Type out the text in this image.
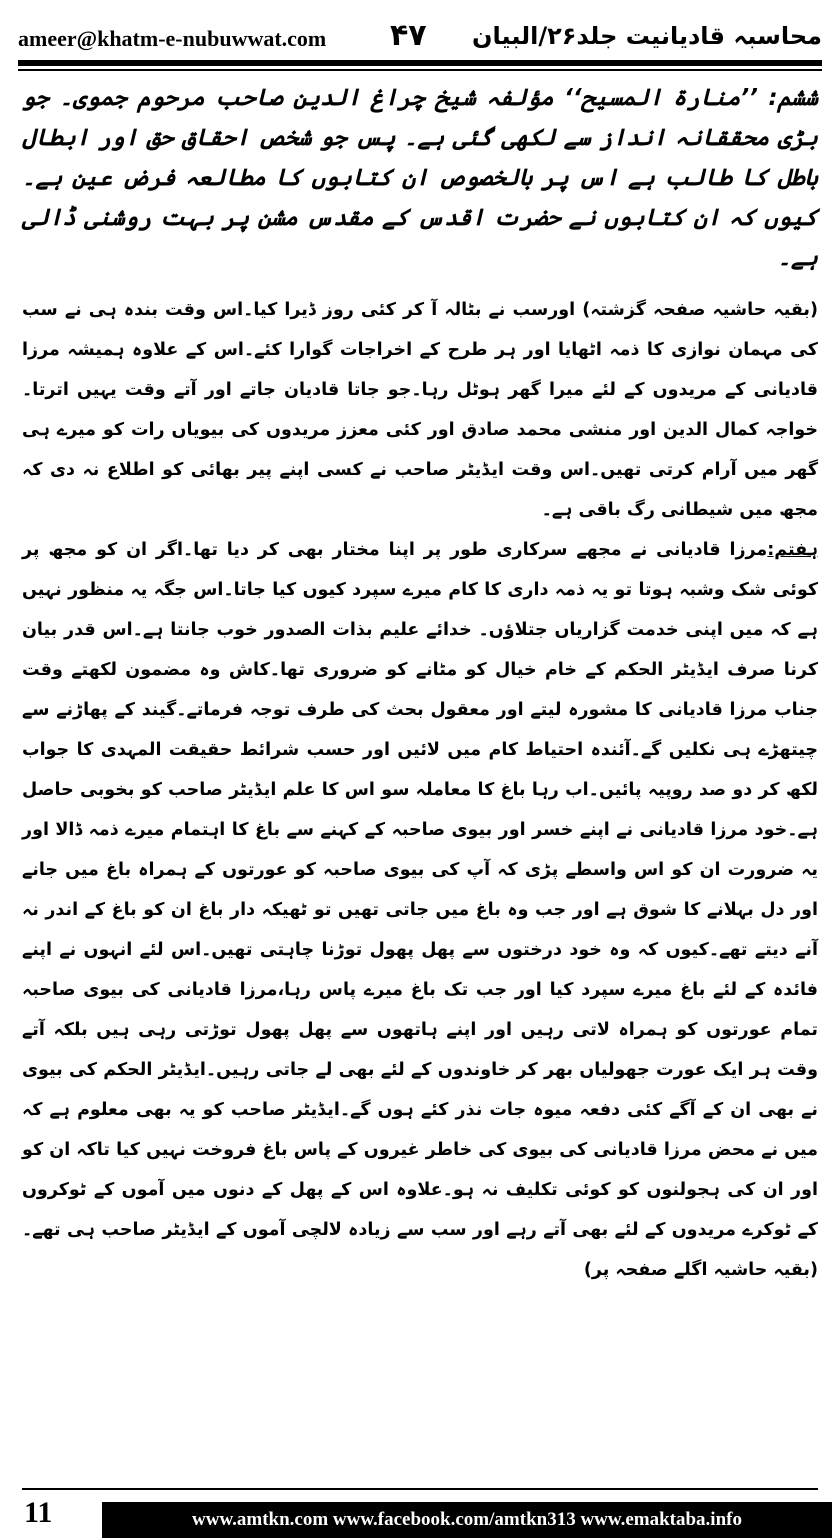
ameer@khatm-e-nubuwwat.com ۴۷ محاسبہ قادیانیت جلد۲۶/البیان

ششم: ’’منارۃ المسیح‘‘ مؤلفہ شیخ چراغ الدین صاحب مرحوم جموی۔ جو بڑی محققانہ انداز سے لکھی گئی ہے۔ پس جو شخص احقاق حق اور ابطال باطل کا طالب ہے اس پر بالخصوص ان کتابوں کا مطالعہ فرض عین ہے۔ کیوں کہ ان کتابوں نے حضرت اقدس کے مقدس مشن پر بہت روشنی ڈالی ہے۔

(بقیہ حاشیہ صفحہ گزشتہ) اورسب نے بٹالہ آ کر کئی روز ڈیرا کیا۔اس وقت بندہ ہی نے سب کی مہمان نوازی کا ذمہ اٹھایا اور ہر طرح کے اخراجات گوارا کئے۔اس کے علاوہ ہمیشہ مرزا قادیانی کے مریدوں کے لئے میرا گھر ہوٹل رہا۔جو جاتا قادیان جاتے اور آتے وقت یہیں اترتا۔خواجہ کمال الدین اور منشی محمد صادق اور کئی معزز مریدوں کی بیویاں رات کو میرے ہی گھر میں آرام کرتی تھیں۔اس وقت ایڈیٹر صاحب نے کسی اپنے پیر بھائی کو اطلاع نہ دی کہ مجھ میں شیطانی رگ باقی ہے۔

ہفتم:مرزا قادیانی نے مجھے سرکاری طور پر اپنا مختار بھی کر دیا تھا۔اگر ان کو مجھ پر کوئی شک وشبہ ہوتا تو یہ ذمہ داری کا کام میرے سپرد کیوں کیا جاتا۔اس جگہ یہ منظور نہیں ہے کہ میں اپنی خدمت گزاریاں جتلاؤں۔ خدائے علیم بذات الصدور خوب جانتا ہے۔اس قدر بیان کرنا صرف ایڈیٹر الحکم کے خام خیال کو مٹانے کو ضروری تھا۔کاش وہ مضمون لکھتے وقت جناب مرزا قادیانی کا مشورہ لیتے اور معقول بحث کی طرف توجہ فرماتے۔گیند کے پھاڑنے سے چیتھڑے ہی نکلیں گے۔آئندہ احتیاط کام میں لائیں اور حسب شرائط حقیقت المہدی کا جواب لکھ کر دو صد روپیہ پائیں۔اب رہا باغ کا معاملہ سو اس کا علم ایڈیٹر صاحب کو بخوبی حاصل ہے۔خود مرزا قادیانی نے اپنے خسر اور بیوی صاحبہ کے کہنے سے باغ کا اہتمام میرے ذمہ ڈالا اور یہ ضرورت ان کو اس واسطے پڑی کہ آپ کی بیوی صاحبہ کو عورتوں کے ہمراہ باغ میں جانے اور دل بہلانے کا شوق ہے اور جب وہ باغ میں جاتی تھیں تو ٹھیکہ دار باغ ان کو باغ کے اندر نہ آنے دیتے تھے۔کیوں کہ وہ خود درختوں سے پھل پھول توڑنا چاہتی تھیں۔اس لئے انہوں نے اپنے فائدہ کے لئے باغ میرے سپرد کیا اور جب تک باغ میرے پاس رہا،مرزا قادیانی کی بیوی صاحبہ تمام عورتوں کو ہمراہ لاتی رہیں اور اپنے ہاتھوں سے پھل پھول توڑتی رہی ہیں بلکہ آتے وقت ہر ایک عورت جھولیاں بھر کر خاوندوں کے لئے بھی لے جاتی رہیں۔ایڈیٹر الحکم کی بیوی نے بھی ان کے آگے کئی دفعہ میوہ جات نذر کئے ہوں گے۔ایڈیٹر صاحب کو یہ بھی معلوم ہے کہ میں نے محض مرزا قادیانی کی بیوی کی خاطر غیروں کے پاس باغ فروخت نہیں کیا تاکہ ان کو اور ان کی ہجولنوں کو کوئی تکلیف نہ ہو۔علاوہ اس کے پھل کے دنوں میں آموں کے ٹوکروں کے ٹوکرے مریدوں کے لئے بھی آتے رہے اور سب سے زیادہ لالچی آموں کے ایڈیٹر صاحب ہی تھے۔(بقیہ حاشیہ اگلے صفحہ پر)

11	www.amtkn.com www.facebook.com/amtkn313 www.emaktaba.info
